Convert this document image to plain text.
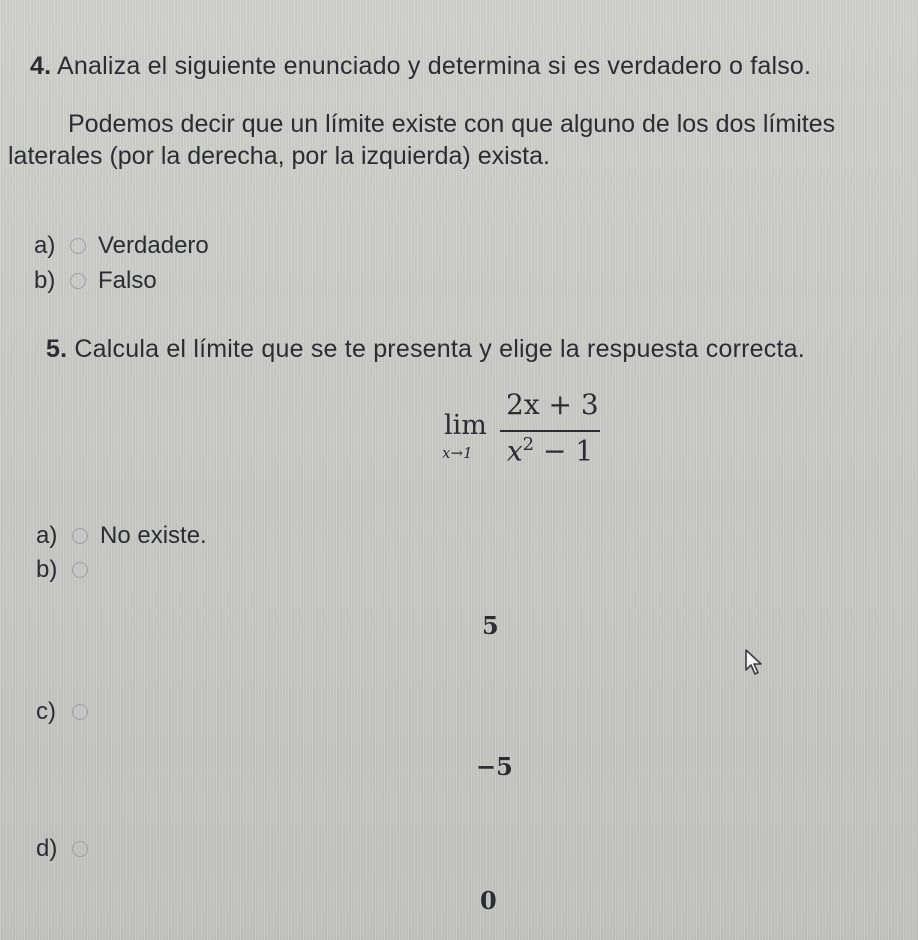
4. Analiza el siguiente enunciado y determina si es verdadero o falso.
Podemos decir que un límite existe con que alguno de los dos límites laterales (por la derecha, por la izquierda) exista.
a)	Verdadero
b)	Falso
5. Calcula el límite que se te presenta y elige la respuesta correcta.
lim
x→1
2x + 3
$x^2 - 1$
a)	No existe.
b)
5
c)
−5
d)
0
